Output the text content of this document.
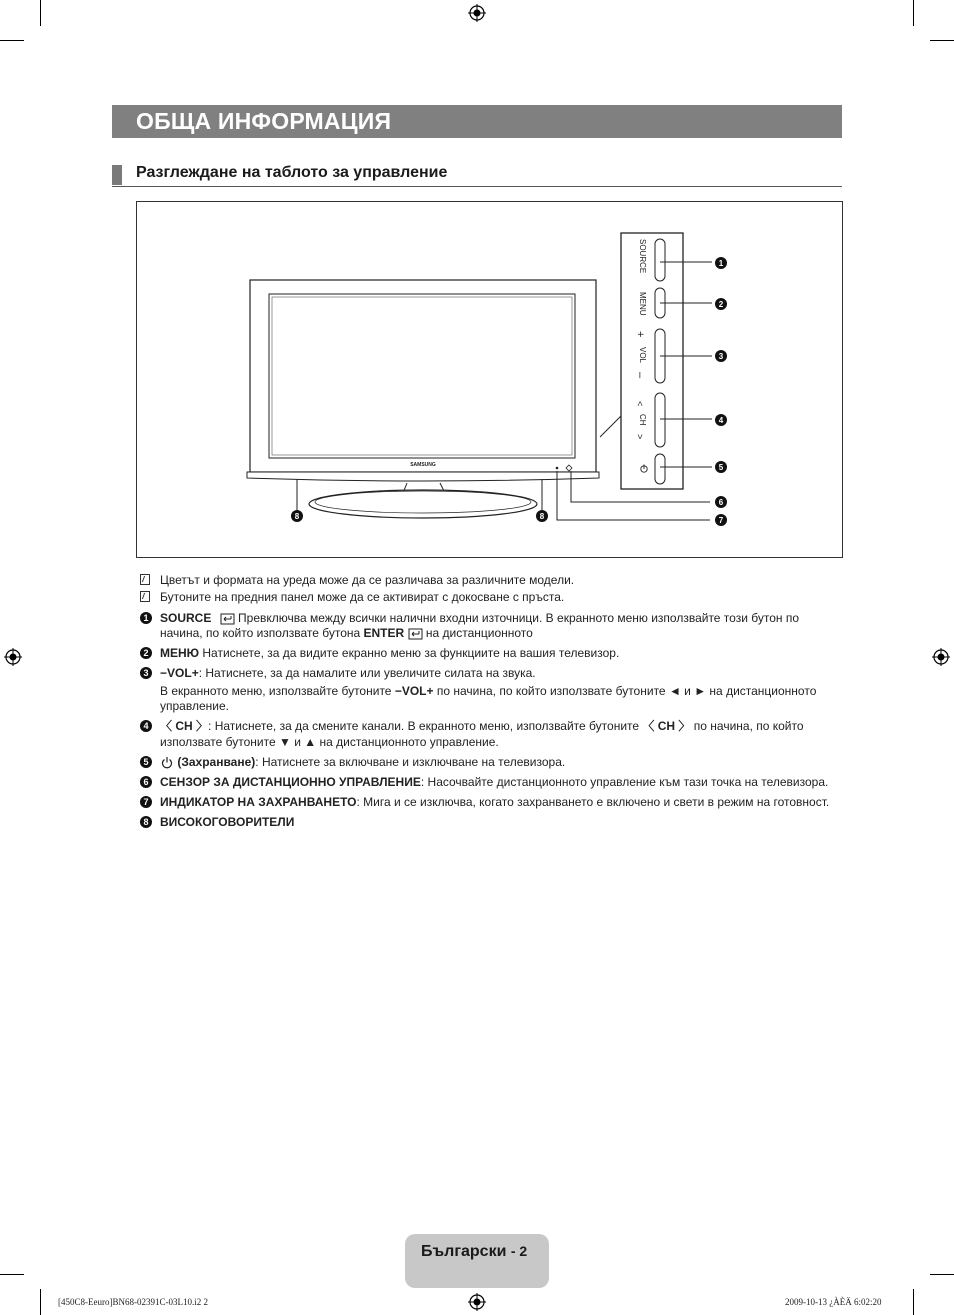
ОБЩА ИНФОРМАЦИЯ
Разглеждане на таблото за управление
SAMSUNG
SOURCE
MENU
VOL
CH
+
–
<
>
1
2
3
4
5
6
7
8	8
Цветът и формата на уреда може да се различава за различните модели.
Бутоните на предния панел може да се активират с докосване с пръста.
1 SOURCE  Превключва между всички налични входни източници. В екранното меню използвайте този бутон по
начина, по който използвате бутона ENTER  на дистанционното
2 МЕНЮ Натиснете, за да видите екранно меню за функциите на вашия телевизор.
3 −VOL+: Натиснете, за да намалите или увеличите силата на звука.
В екранното меню, използвайте бутоните −VOL+ по начина, по който използвате бутоните ◄ и ► на дистанционното
управление.
4 〈 CH 〉: Натиснете, за да смените канали. В екранното меню, използвайте бутоните 〈 CH 〉 по начина, по който
използвате бутоните ▼ и ▲ на дистанционното управление.
5	(Захранване): Натиснете за включване и изключване на телевизора.
6 СЕНЗОР ЗА ДИСТАНЦИОННО УПРАВЛЕНИЕ: Насочвайте дистанционното управление към тази точка на телевизора.
7 ИНДИКАТОР НА ЗАХРАНВАНЕТО: Мига и се изключва, когато захранването е включено и свети в режим на готовност.
8 ВИСОКОГОВОРИТЕЛИ
Български - 2
[450C8-Eeuro]BN68-02391C-03L10.i2 2	2009-10-13 ¿ÀÈÄ 6:02:20
